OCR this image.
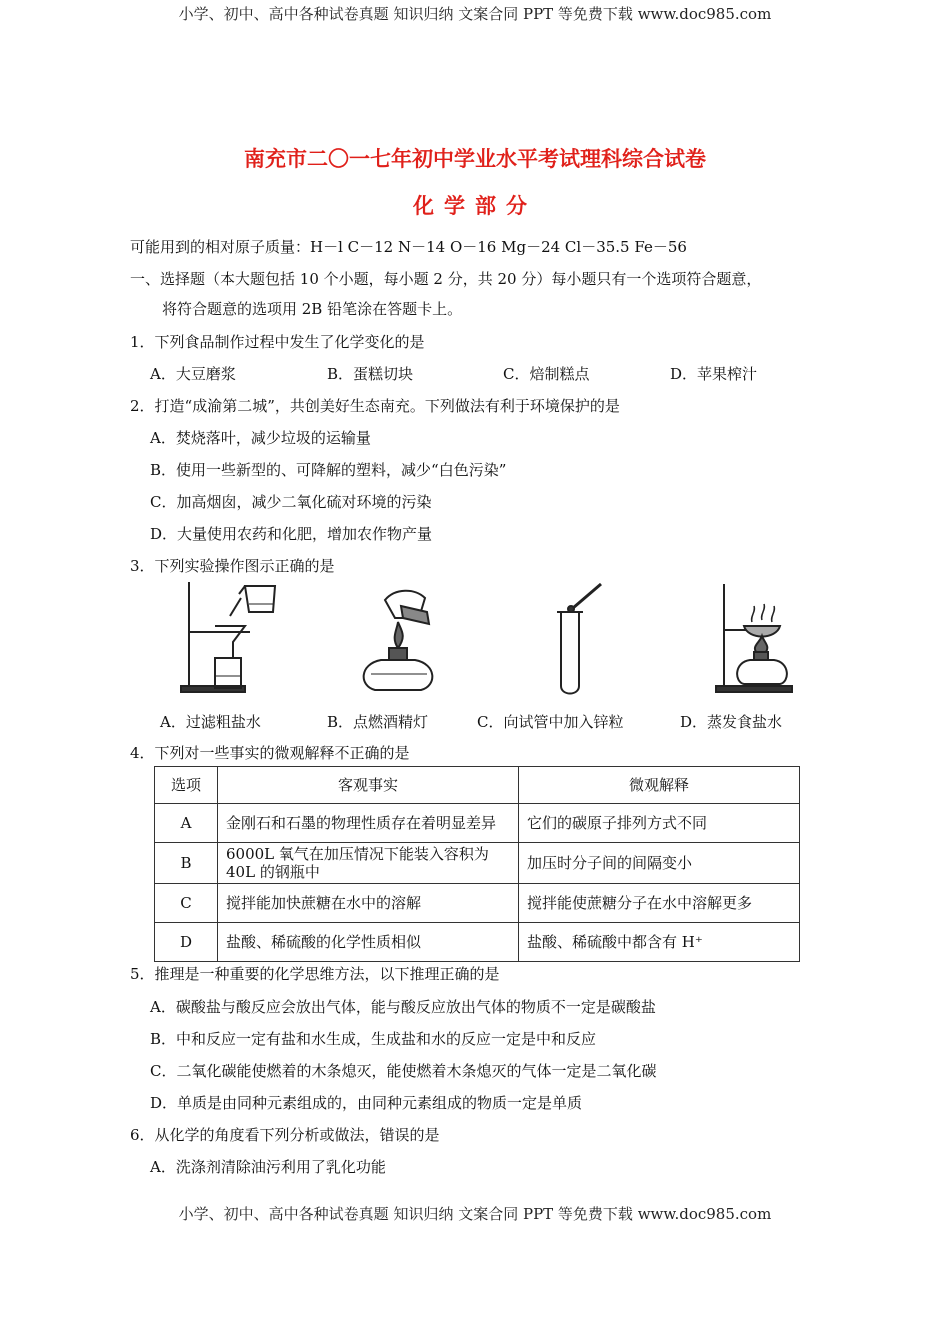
小学、初中、高中各种试卷真题 知识归纳 文案合同 PPT 等免费下载 www.doc985.com
南充市二〇一七年初中学业水平考试理科综合试卷
化学部分
可能用到的相对原子质量：H－l C－12 N－14 O－16 Mg－24 Cl－35.5 Fe－56
一、选择题（本大题包括 10 个小题，每小题 2 分，共 20 分）每小题只有一个选项符合题意，
将符合题意的选项用 2B 铅笔涂在答题卡上。
1．下列食品制作过程中发生了化学变化的是
A．大豆磨浆	B．蛋糕切块	C．焙制糕点	D．苹果榨汁
2．打造“成渝第二城”，共创美好生态南充。下列做法有利于环境保护的是
A．焚烧落叶，减少垃圾的运输量
B．使用一些新型的、可降解的塑料，减少“白色污染”
C．加高烟囱，减少二氧化硫对环境的污染
D．大量使用农药和化肥，增加农作物产量
3．下列实验操作图示正确的是
A．过滤粗盐水	B．点燃酒精灯	C．向试管中加入锌粒	D．蒸发食盐水
4．下列对一些事实的微观解释不正确的是
选项	客观事实	微观解释
A	金刚石和石墨的物理性质存在着明显差异	它们的碳原子排列方式不同
B	6000L 氧气在加压情况下能装入容积为 40L 的钢瓶中	加压时分子间的间隔变小
C	搅拌能加快蔗糖在水中的溶解	搅拌能使蔗糖分子在水中溶解更多
D	盐酸、稀硫酸的化学性质相似	盐酸、稀硫酸中都含有 H⁺
5．推理是一种重要的化学思维方法，以下推理正确的是
A．碳酸盐与酸反应会放出气体，能与酸反应放出气体的物质不一定是碳酸盐
B．中和反应一定有盐和水生成，生成盐和水的反应一定是中和反应
C．二氧化碳能使燃着的木条熄灭，能使燃着木条熄灭的气体一定是二氧化碳
D．单质是由同种元素组成的，由同种元素组成的物质一定是单质
6．从化学的角度看下列分析或做法，错误的是
A．洗涤剂清除油污利用了乳化功能
小学、初中、高中各种试卷真题 知识归纳 文案合同 PPT 等免费下载 www.doc985.com
